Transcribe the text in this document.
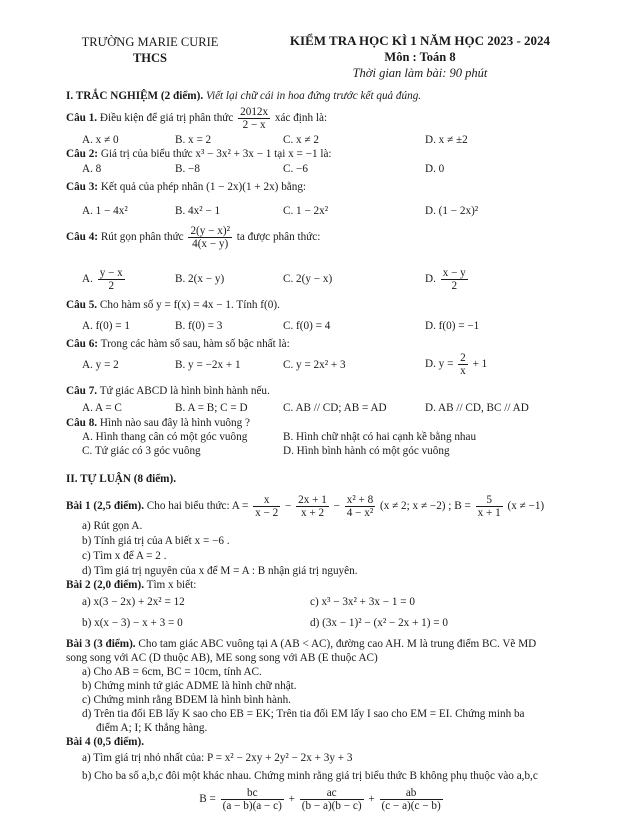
TRƯỜNG MARIE CURIE
THCS
KIỂM TRA HỌC KÌ 1 NĂM HỌC 2023 - 2024
Môn : Toán 8
Thời gian làm bài: 90 phút
I. TRẮC NGHIỆM (2 điểm). Viết lại chữ cái in hoa đứng trước kết quả đúng.
Câu 1. Điều kiện để giá trị phân thức $\frac{2012x}{2 - x}$ xác định là:
A. x ≠ 0	B. x = 2	C. x ≠ 2	D. x ≠ ±2
Câu 2: Giá trị của biểu thức x³ − 3x² + 3x − 1 tại x = −1 là:
A. 8	B. −8	C. −6	D. 0
Câu 3: Kết quả của phép nhân (1 − 2x)(1 + 2x) bằng:
A. 1 − 4x²	B. 4x² − 1	C. 1 − 2x²	D. (1 − 2x)²
Câu 4: Rút gọn phân thức $\frac{\text{2(y − x)²}}{4(x - y)}$ ta được phân thức:
A. $\frac{y - x}{2}$	B. 2(x − y)	C. 2(y − x)	D. $\frac{x - y}{2}$
Câu 5. Cho hàm số y = f(x) = 4x − 1. Tính f(0).
A. f(0) = 1	B. f(0) = 3	C. f(0) = 4	D. f(0) = −1
Câu 6: Trong các hàm số sau, hàm số bậc nhất là:
A. y = 2	B. y = −2x + 1	C. y = 2x² + 3	D. $y = \frac{2}{x} + 1$
Câu 7. Tứ giác ABCD là hình bình hành nếu.
A. A = C	B. A = B; C = D	C. AB // CD; AB = AD	D. AB // CD, BC // AD
Câu 8. Hình nào sau đây là hình vuông ?
A. Hình thang cân có một góc vuông	B. Hình chữ nhật có hai cạnh kề bằng nhau
C. Tứ giác có 3 góc vuông	D. Hình bình hành có một góc vuông
II. TỰ LUẬN (8 điểm).
Bài 1 (2,5 điểm). Cho hai biểu thức: $A = \frac{x}{x - 2} - \frac{2x + 1}{x + 2} - \frac{\text{x² + 8}}{\text{4 − x²}} (x \ne 2$; x ≠ −2) ; $B = \frac{5}{x + 1} (x \ne -1)$
a) Rút gọn A.
b) Tính giá trị của A biết x = −6 .
c) Tìm x để A = 2 .
d) Tìm giá trị nguyên của x để M = A : B nhận giá trị nguyên.
Bài 2 (2,0 điểm). Tìm x biết:
a) x(3 − 2x) + 2x² = 12	c) x³ − 3x² + 3x − 1 = 0
b) x(x − 3) − x + 3 = 0	d) (3x − 1)² − (x² − 2x + 1) = 0
Bài 3 (3 điểm). Cho tam giác ABC vuông tại A (AB < AC), đường cao AH. M là trung điểm BC. Vẽ MD
song song với AC (D thuộc AB), ME song song với AB (E thuộc AC)
a) Cho AB = 6cm, BC = 10cm, tính AC.
b) Chứng minh tứ giác ADME là hình chữ nhật.
c) Chứng minh rằng BDEM là hình bình hành.
d) Trên tia đối EB lấy K sao cho EB = EK; Trên tia đối EM lấy I sao cho EM = EI. Chứng minh ba
điểm A; I; K thẳng hàng.
Bài 4 (0,5 điểm).
a) Tìm giá trị nhỏ nhất của: P = x² − 2xy + 2y² − 2x + 3y + 3
b) Cho ba số a,b,c đôi một khác nhau. Chứng minh rằng giá trị biểu thức B không phụ thuộc vào a,b,c
$B = \frac{bc}{(a - b)(a - c)} + \frac{ac}{(b - a)(b - c)} + \frac{ab}{(c - a)(c - b)}$
